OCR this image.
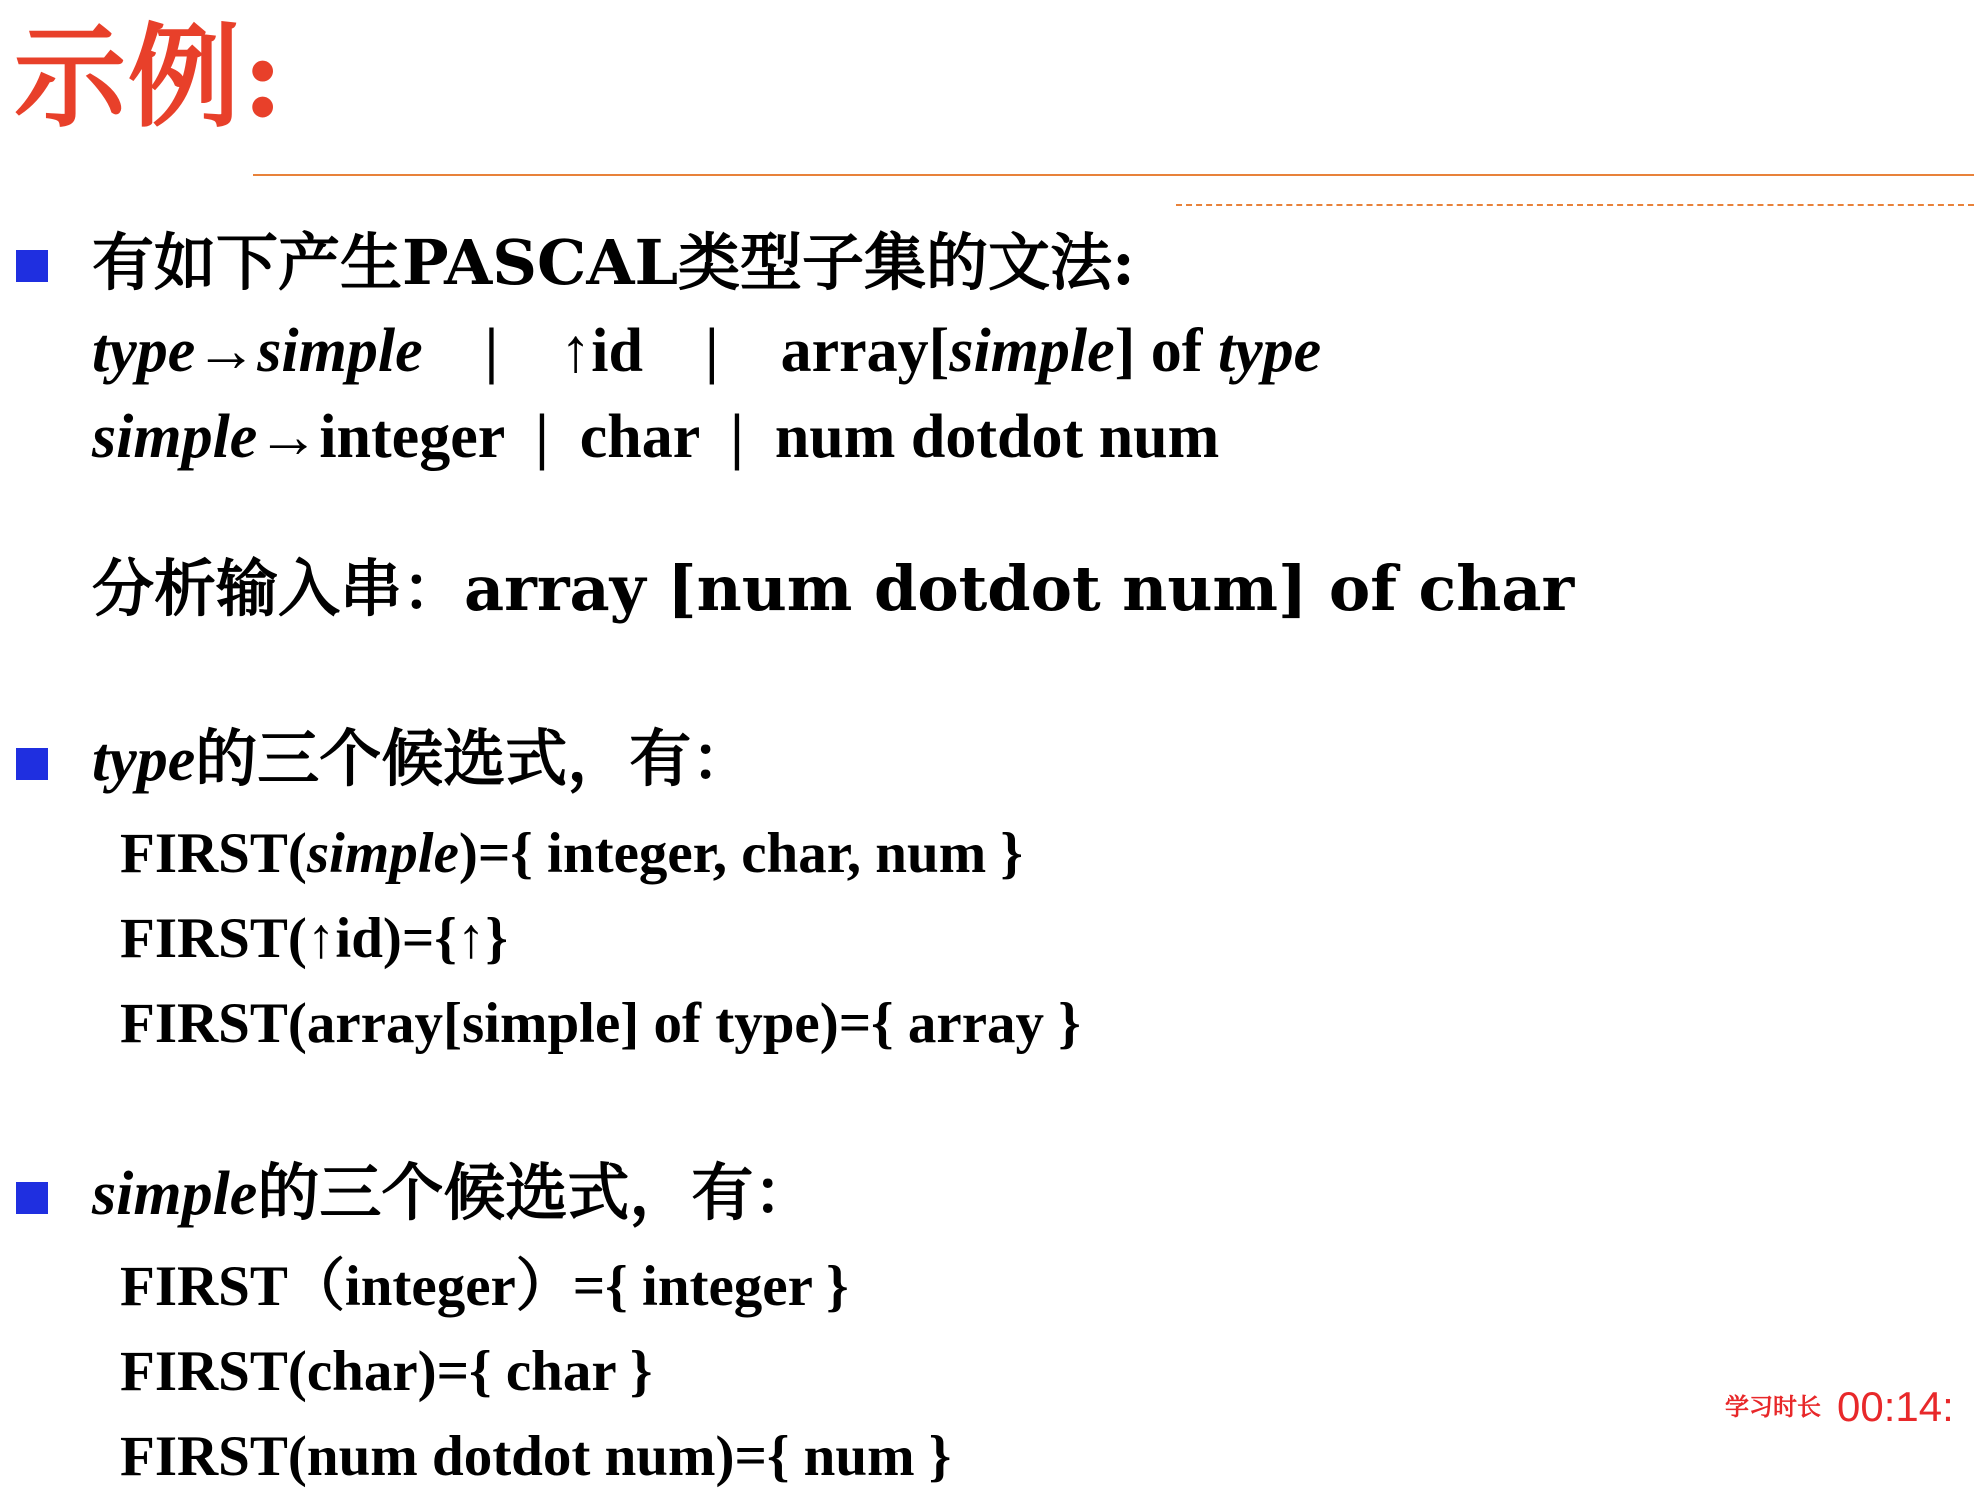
示例:
有如下产生PASCAL类型子集的文法:
type→simple | ↑id | array[simple] of type
simple→integer  |  char  |  num dotdot num
分析输入串：array [num dotdot num] of char
type的三个候选式，有：
FIRST(simple)={ integer, char, num }
FIRST(↑id)={↑}
FIRST(array[simple] of type)={ array }
simple的三个候选式，有：
FIRST（integer）={ integer }
FIRST(char)={ char }
FIRST(num dotdot num)={ num }
学习时长 00:14:
